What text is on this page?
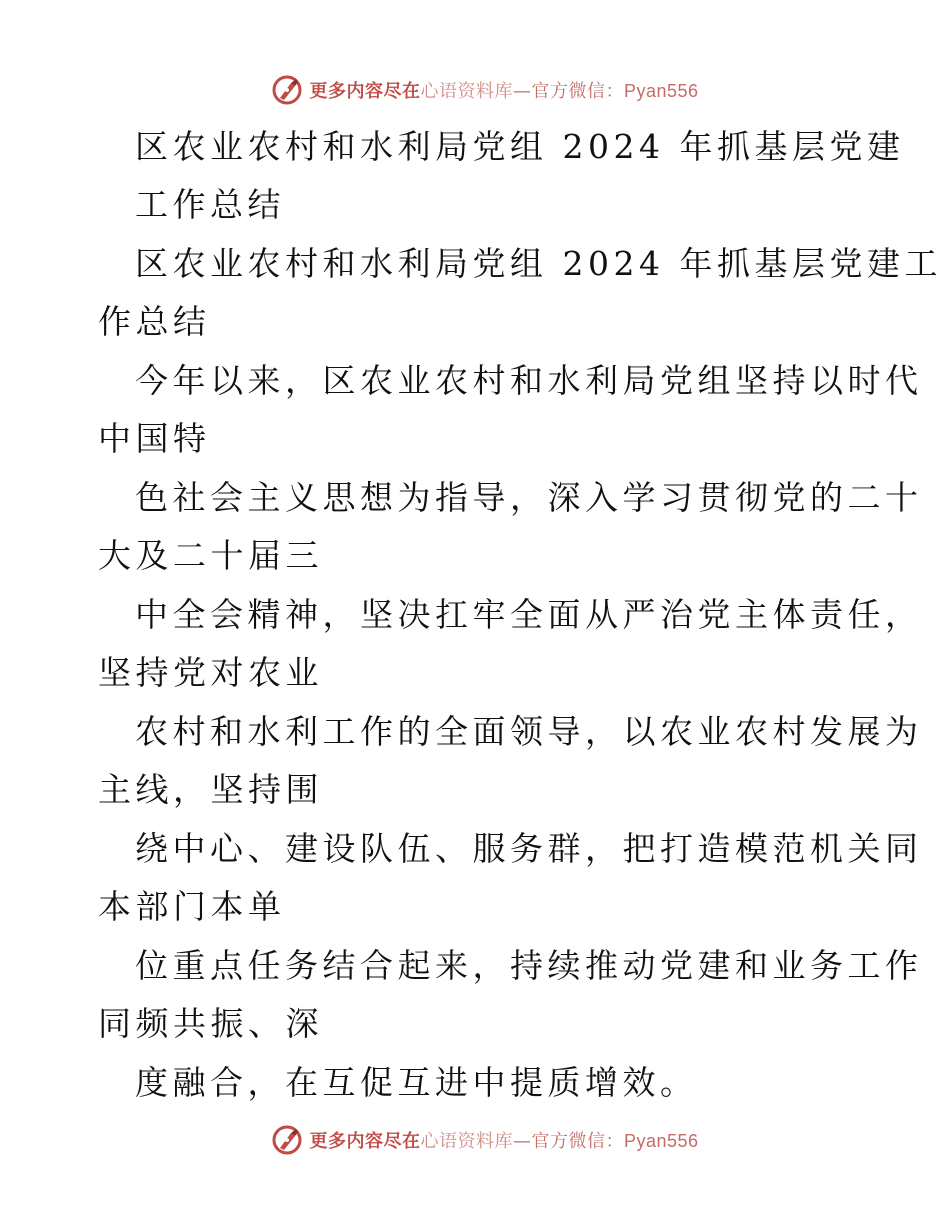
更多内容尽在心语资料库—官方微信：Pyan556
区农业农村和水利局党组 2024 年抓基层党建
工作总结
区农业农村和水利局党组 2024 年抓基层党建工
作总结
今年以来，区农业农村和水利局党组坚持以时代
中国特
色社会主义思想为指导，深入学习贯彻党的二十
大及二十届三
中全会精神，坚决扛牢全面从严治党主体责任，
坚持党对农业
农村和水利工作的全面领导，以农业农村发展为
主线，坚持围
绕中心、建设队伍、服务群，把打造模范机关同
本部门本单
位重点任务结合起来，持续推动党建和业务工作
同频共振、深
度融合，在互促互进中提质增效。
更多内容尽在心语资料库—官方微信：Pyan556
